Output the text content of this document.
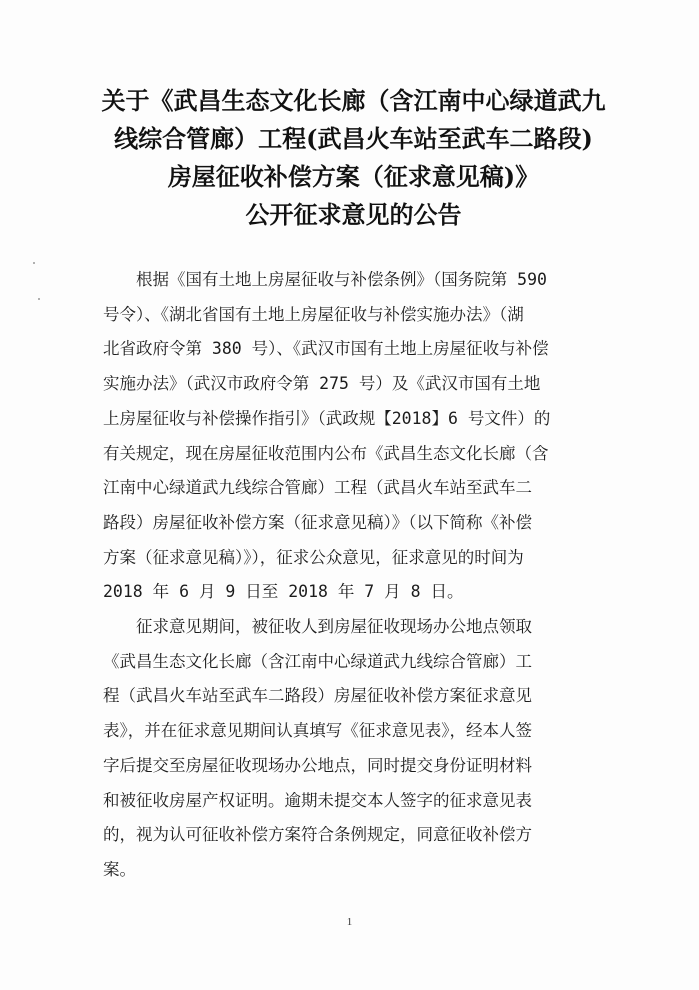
关于《武昌生态文化长廊（含江南中心绿道武九
线综合管廊）工程(武昌火车站至武车二路段)
房屋征收补偿方案（征求意见稿)》
公开征求意见的公告

　　根据《国有土地上房屋征收与补偿条例》（国务院第 590
号令）、《湖北省国有土地上房屋征收与补偿实施办法》（湖
北省政府令第 380 号）、《武汉市国有土地上房屋征收与补偿
实施办法》（武汉市政府令第 275 号）及《武汉市国有土地
上房屋征收与补偿操作指引》（武政规【2018】6 号文件）的
有关规定，现在房屋征收范围内公布《武昌生态文化长廊（含
江南中心绿道武九线综合管廊）工程（武昌火车站至武车二
路段）房屋征收补偿方案（征求意见稿）》（以下简称《补偿
方案（征求意见稿）》），征求公众意见，征求意见的时间为
2018 年 6 月 9 日至 2018 年 7 月 8 日。

　　征求意见期间，被征收人到房屋征收现场办公地点领取
《武昌生态文化长廊（含江南中心绿道武九线综合管廊）工
程（武昌火车站至武车二路段）房屋征收补偿方案征求意见
表》，并在征求意见期间认真填写《征求意见表》，经本人签
字后提交至房屋征收现场办公地点，同时提交身份证明材料
和被征收房屋产权证明。逾期未提交本人签字的征求意见表
的，视为认可征收补偿方案符合条例规定，同意征收补偿方
案。

1
